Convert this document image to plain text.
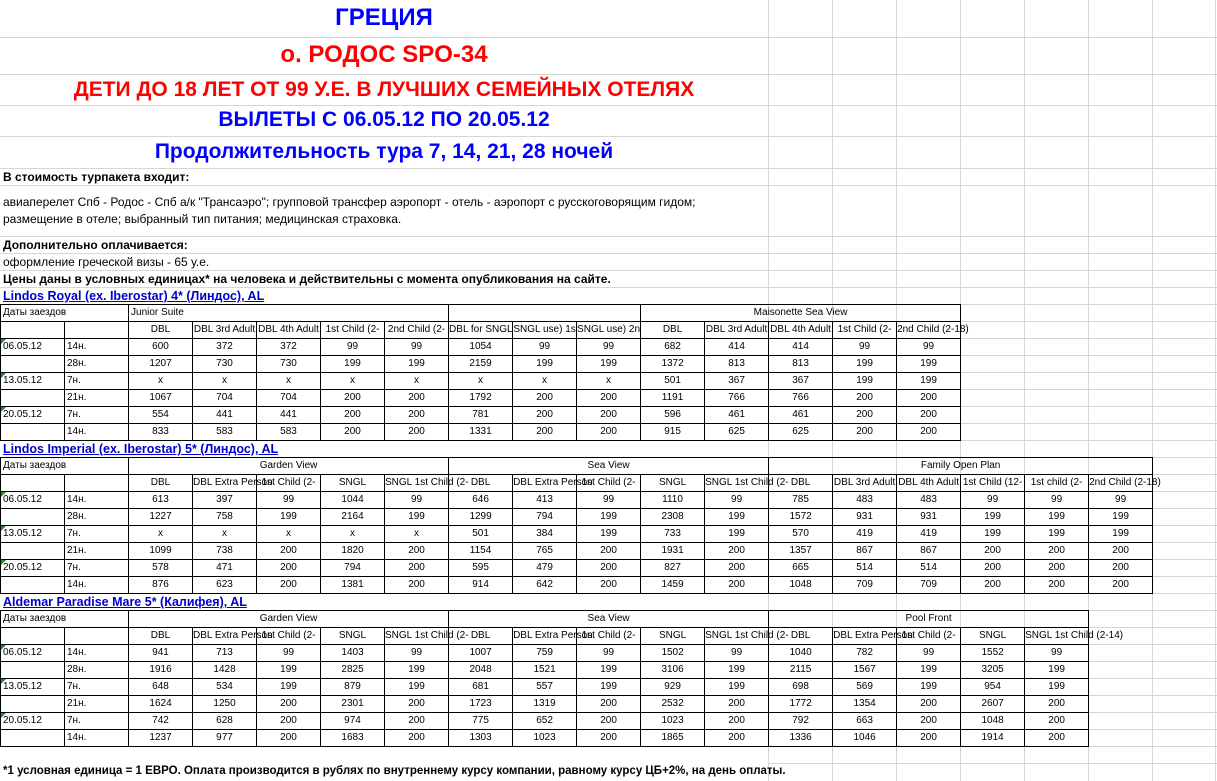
ГРЕЦИЯ
о. РОДОС SPO-34
ДЕТИ ДО 18 ЛЕТ ОТ 99 У.Е. В ЛУЧШИХ СЕМЕЙНЫХ ОТЕЛЯХ
ВЫЛЕТЫ С 06.05.12 ПО 20.05.12
Продолжительность тура 7, 14, 21, 28 ночей
В стоимость турпакета входит:
авиаперелет Спб - Родос - Спб а/к "Трансаэро"; групповой трансфер аэропорт - отель - аэропорт с русскоговорящим гидом;
размещение в отеле; выбранный тип питания; медицинская страховка.
Дополнительно оплачивается:
оформление греческой визы - 65 у.е.
Цены даны в условных единицах* на человека и действительны с момента опубликования на сайте.
Lindos Royal (ex. Iberostar) 4* (Линдос), AL
Даты заездов		Junior Suite								Maisonette Sea View				
		DBL	DBL 3rd Adult	DBL 4th Adult	1st Child (2-	2nd Child (2-	DBL for SNGL	SNGL use) 1s	SNGL use) 2n	DBL	DBL 3rd Adult	DBL 4th Adult	1st Child (2-	2nd Child (2-18)
06.05.12	14н.	600	372	372	99	99	1054	99	99	682	414	414	99	99
	28н.	1207	730	730	199	199	2159	199	199	1372	813	813	199	199
13.05.12	7н.	x	x	x	x	x	x	x	x	501	367	367	199	199
	21н.	1067	704	704	200	200	1792	200	200	1191	766	766	200	200
20.05.12	7н.	554	441	441	200	200	781	200	200	596	461	461	200	200
	14н.	833	583	583	200	200	1331	200	200	915	625	625	200	200
Lindos Imperial (ex. Iberostar) 5* (Линдос), AL
Даты заездов		Garden View					Sea View					Family Open Plan					
		DBL	DBL Extra Person	1st Child (2-	SNGL	SNGL 1st Child (2-	DBL	DBL Extra Person	1st Child (2-	SNGL	SNGL 1st Child (2-	DBL	DBL 3rd Adult	DBL 4th Adult	1st Child (12-	1st child (2-	2nd Child (2-18)
06.05.12	14н.	613	397	99	1044	99	646	413	99	1110	99	785	483	483	99	99	99
	28н.	1227	758	199	2164	199	1299	794	199	2308	199	1572	931	931	199	199	199
13.05.12	7н.	x	x	x	x	x	501	384	199	733	199	570	419	419	199	199	199
	21н.	1099	738	200	1820	200	1154	765	200	1931	200	1357	867	867	200	200	200
20.05.12	7н.	578	471	200	794	200	595	479	200	827	200	665	514	514	200	200	200
	14н.	876	623	200	1381	200	914	642	200	1459	200	1048	709	709	200	200	200
Aldemar Paradise Mare 5* (Калифея), AL
Даты заездов		Garden View					Sea View					Pool Front				
		DBL	DBL Extra Person	1st Child (2-	SNGL	SNGL 1st Child (2-	DBL	DBL Extra Person	1st Child (2-	SNGL	SNGL 1st Child (2-	DBL	DBL Extra Person	1st Child (2-	SNGL	SNGL 1st Child (2-14)
06.05.12	14н.	941	713	99	1403	99	1007	759	99	1502	99	1040	782	99	1552	99
	28н.	1916	1428	199	2825	199	2048	1521	199	3106	199	2115	1567	199	3205	199
13.05.12	7н.	648	534	199	879	199	681	557	199	929	199	698	569	199	954	199
	21н.	1624	1250	200	2301	200	1723	1319	200	2532	200	1772	1354	200	2607	200
20.05.12	7н.	742	628	200	974	200	775	652	200	1023	200	792	663	200	1048	200
	14н.	1237	977	200	1683	200	1303	1023	200	1865	200	1336	1046	200	1914	200
*1 условная единица = 1 ЕВРО. Оплата производится в рублях по внутреннему курсу компании, равному курсу ЦБ+2%, на день оплаты.
